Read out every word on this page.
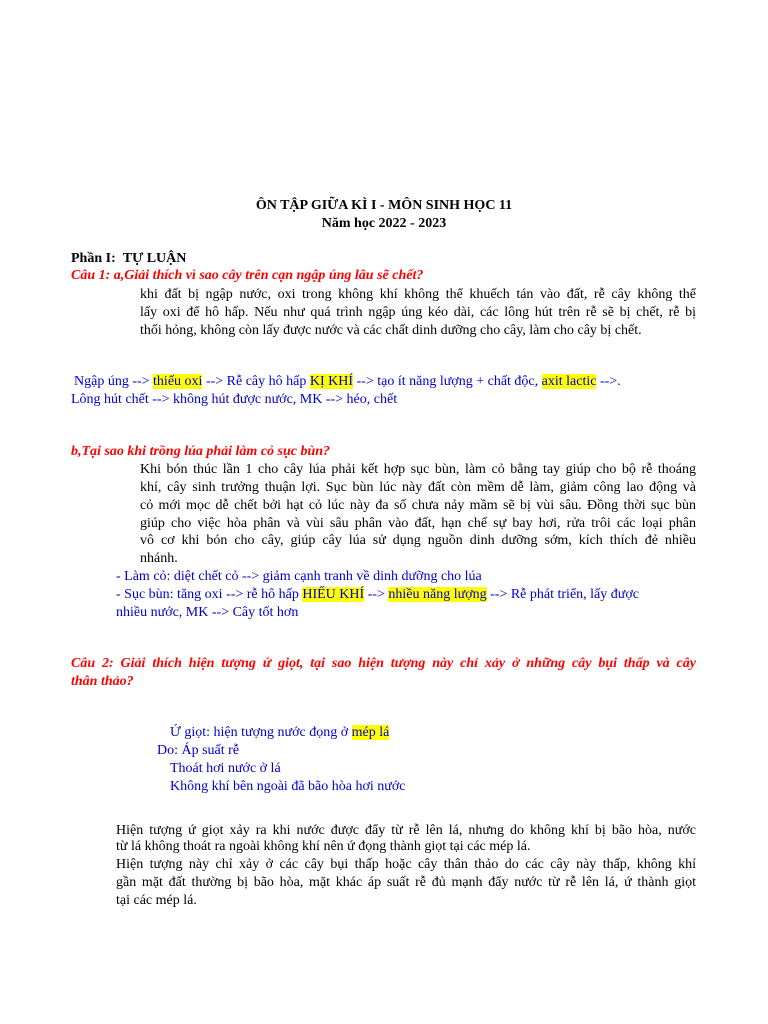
ÔN TẬP GIỮA KÌ I - MÔN SINH HỌC 11
Năm học 2022 - 2023
Phần I: TỰ LUẬN
Câu 1: a,Giải thích vì sao cây trên cạn ngập úng lâu sẽ chết?
khi đất bị ngập nước, oxi trong không khí không thể khuếch tán vào đất, rễ cây không thể
lấy oxi để hô hấp. Nếu như quá trình ngập úng kéo dài, các lông hút trên rễ sẽ bị chết, rễ bị
thối hỏng, không còn lấy được nước và các chất dinh dưỡng cho cây, làm cho cây bị chết.
Ngập úng --> thiếu oxi --> Rễ cây hô hấp KỊ KHÍ --> tạo ít năng lượng + chất độc, axit lactic -->.
Lông hút chết --> không hút được nước, MK --> héo, chết
b,Tại sao khi trồng lúa phải làm cỏ sục bùn?
Khi bón thúc lần 1 cho cây lúa phải kết hợp sục bùn, làm cỏ bằng tay giúp cho bộ rễ thoáng
khí, cây sinh trưởng thuận lợi. Sục bùn lúc này đất còn mềm dễ làm, giảm công lao động và
cỏ mới mọc dễ chết bởi hạt cỏ lúc này đa số chưa nảy mầm sẽ bị vùi sâu. Đồng thời sục bùn
giúp cho việc hòa phân và vùi sâu phân vào đất, hạn chế sự bay hơi, rửa trôi các loại phân
vô cơ khi bón cho cây, giúp cây lúa sử dụng nguồn dinh dưỡng sớm, kích thích đẻ nhiều
nhánh.
- Làm cỏ: diệt chết cỏ --> giảm cạnh tranh về dinh dưỡng cho lúa
- Sục bùn: tăng oxi --> rễ hô hấp HIẾU KHÍ --> nhiều năng lượng --> Rễ phát triển, lấy được
nhiều nước, MK --> Cây tốt hơn
Câu 2: Giải thích hiện tượng ứ giọt, tại sao hiện tượng này chỉ xảy ở những cây bụi thấp và cây
thân thảo?
Ứ giọt: hiện tượng nước đọng ở mép lá
Do: Áp suất rễ
Thoát hơi nước ở lá
Không khí bên ngoài đã bão hòa hơi nước
Hiện tượng ứ giọt xảy ra khi nước được đẩy từ rễ lên lá, nhưng do không khí bị bão hòa, nước
từ lá không thoát ra ngoài không khí nên ứ đọng thành giọt tại các mép lá.
Hiện tượng này chỉ xảy ở các cây bụi thấp hoặc cây thân thảo do các cây này thấp, không khí
gần mặt đất thường bị bão hòa, mặt khác áp suất rễ đủ mạnh đẩy nước từ rễ lên lá, ứ thành giọt
tại các mép lá.
